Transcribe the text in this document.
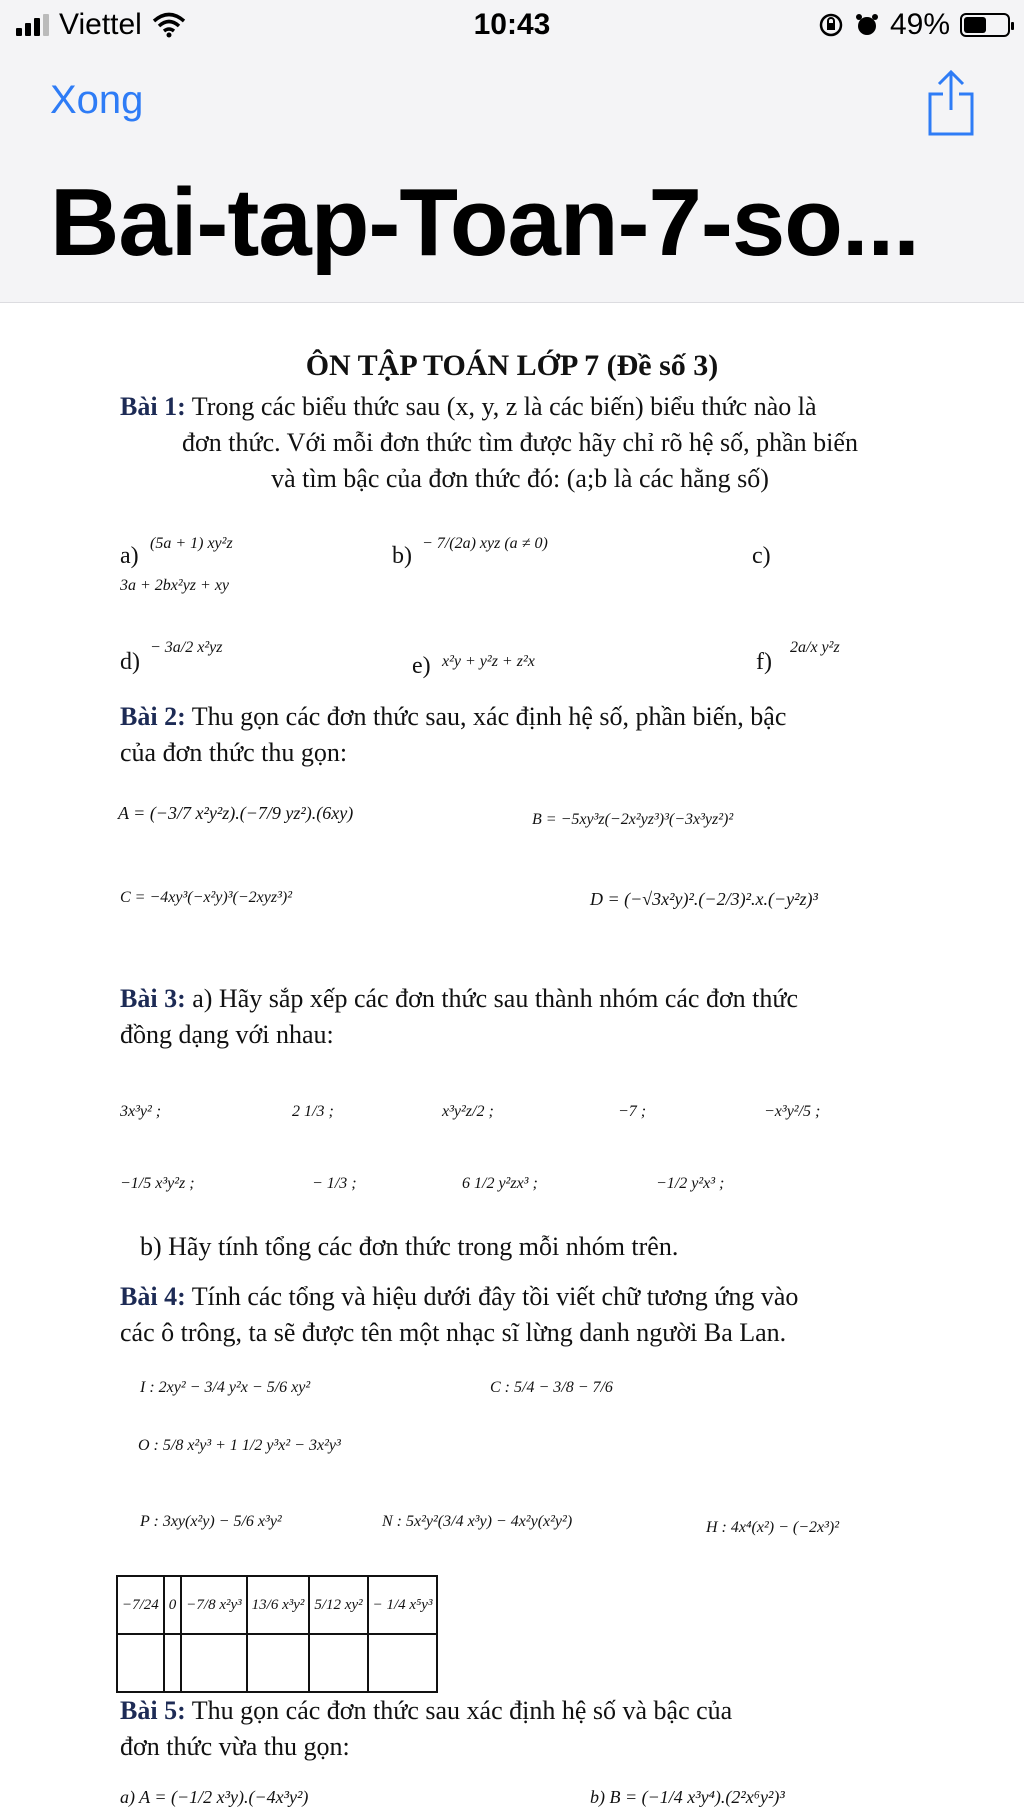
Viettel	10:43	49%
Xong
Bai-tap-Toan-7-so...
ÔN TẬP TOÁN LỚP 7 (Đề số 3)
Bài 1: Trong các biểu thức sau (x, y, z là các biến) biểu thức nào là
đơn thức. Với mỗi đơn thức tìm được hãy chỉ rõ hệ số, phần biến
và tìm bậc của đơn thức đó: (a;b là các hằng số)
a) (5a + 1) xy²z	b) − 7/(2a) xyz (a ≠ 0)	c)
3a + 2bx²yz + xy
d)
− 3a/2 x²yz
e) x²y + y²z + z²x	f)
2a/x y²z
Bài 2: Thu gọn các đơn thức sau, xác định hệ số, phần biến, bậc
của đơn thức thu gọn:
A = (−3/7 x²y²z).(−7/9 yz²).(6xy)	B = −5xy³z(−2x²yz³)³(−3x³yz²)²
C = −4xy³(−x²y)³(−2xyz³)²	D = (−√3x²y)².(−2/3)².x.(−y²z)³
Bài 3: a) Hãy sắp xếp các đơn thức sau thành nhóm các đơn thức
đồng dạng với nhau:
3x³y² ;	2 1/3 ;	x³y²z/2 ;	−7 ;	−x³y²/5 ;
−1/5 x³y²z ;	− 1/3 ;	6 1/2 y²zx³ ;	−1/2 y²x³ ;
b) Hãy tính tổng các đơn thức trong mỗi nhóm trên.
Bài 4: Tính các tổng và hiệu dưới đây tồi viết chữ tương ứng vào
các ô trông, ta sẽ được tên một nhạc sĩ lừng danh người Ba Lan.
I : 2xy² − 3/4 y²x − 5/6 xy²	C : 5/4 − 3/8 − 7/6
O : 5/8 x²y³ + 1 1/2 y³x² − 3x²y³
P : 3xy(x²y) − 5/6 x³y²	N : 5x²y²(3/4 x³y) − 4x²y(x²y²)	H : 4x⁴(x²) − (−2x³)²
−7/24	0	−7/8 x²y³	13/6 x³y²	5/12 xy²	− 1/4 x⁵y³

Bài 5: Thu gọn các đơn thức sau xác định hệ số và bậc của
đơn thức vừa thu gọn:
a) A = (−1/2 x³y).(−4x³y²)	b) B = (−1/4 x³y⁴).(2²x⁶y²)³
